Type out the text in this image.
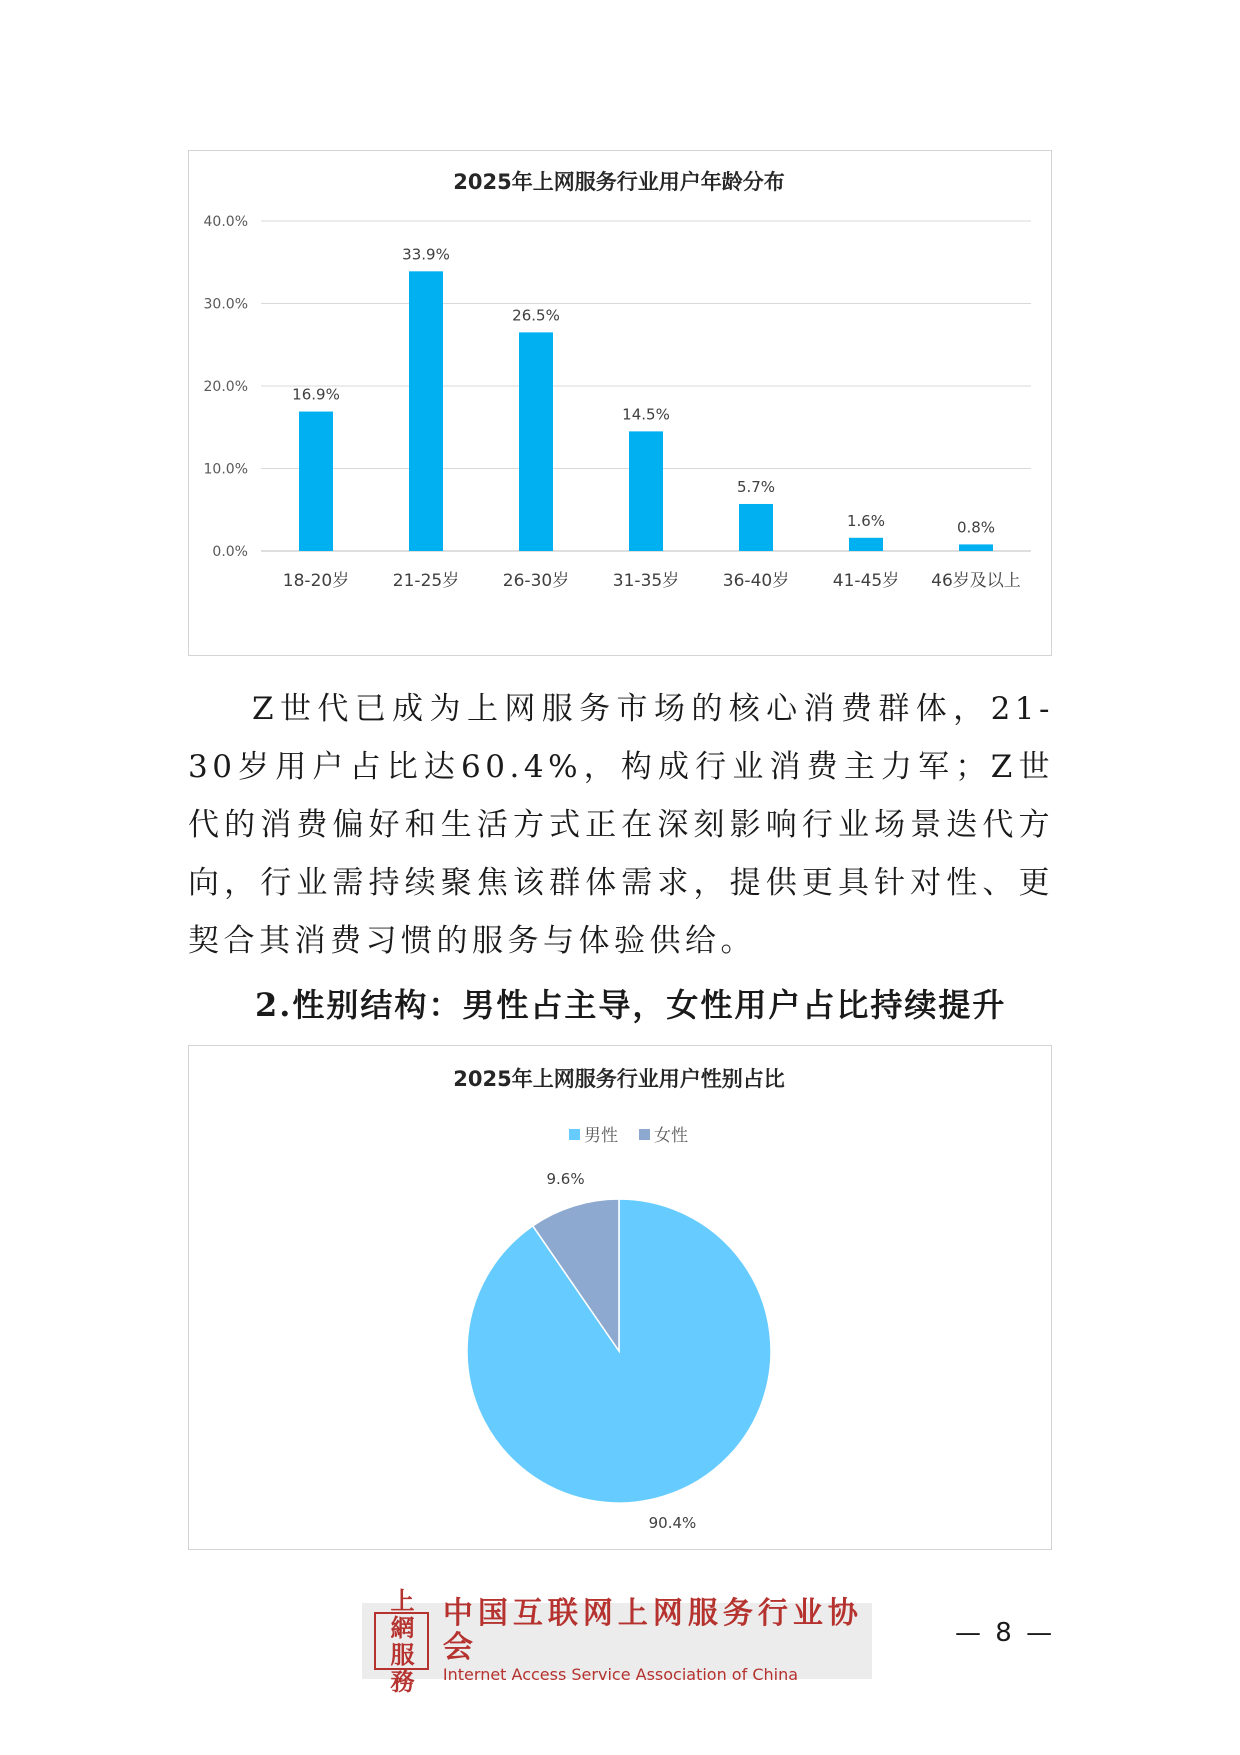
2025年上网服务行业用户年龄分布
0.0%
10.0%
20.0%
30.0%
40.0%
16.9%
18-20岁
33.9%
21-25岁
26.5%
26-30岁
14.5%
31-35岁
5.7%
36-40岁
1.6%
41-45岁
0.8%
46岁及以上

Z世代已成为上网服务市场的核心消费群体，21-30岁用户占比达60.4%，构成行业消费主力军；Z世代的消费偏好和生活方式正在深刻影响行业场景迭代方向，行业需持续聚焦该群体需求，提供更具针对性、更契合其消费习惯的服务与体验供给。

2.性别结构：男性占主导，女性用户占比持续提升
2025年上网服务行业用户性别占比
男性 女性
90.4%
9.6%
上
網
服
務
中国互联网上网服务行业协会
Internet Access Service Association of China
— 8 —
